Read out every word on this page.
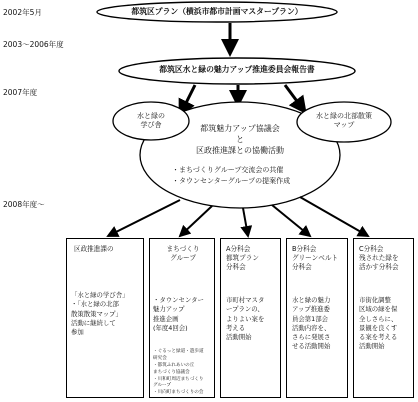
2002年5月
2003〜2006年度
2007年度
2008年度〜
都筑区プラン（横浜市都市計画マスタープラン）
都筑区水と緑の魅力アップ推進委員会報告書
水と緑の
学び舎
水と緑の北部散策
マップ
都筑魅力アップ協議会
と
区政推進課との協働活動
・まちづくりグループ交流会の共催
・タウンセンターグループの提案作成
区政推進課の
「水と緑の学び舎」
・「水と緑の北部
散策散策マップ」
活動に継続して
参加
まちづくり
グループ
・タウンセンター
魅力アップ
推進企画
(年度4回会)
・ぐるっと緑道・遊歩道
研究会
・都筑ふれあいの丘
まちづくり協議会
・川和町周辺まちづくり
グループ
・川向町まちづくりの会
A分科会
都筑プラン
分科会
市町村マスタ
ープランの、
よりよい案を
考える
活動開始
B分科会
グリーンベルト
分科会
水と緑の魅力
アップ推進委
員会第1部会
活動内容を、
さらに発展さ
せる活動開始
C分科会
残された緑を
活かす分科会
市街化調整
区域の緑を保
全しさらに、
景観を良くす
る案を考える
活動開始
